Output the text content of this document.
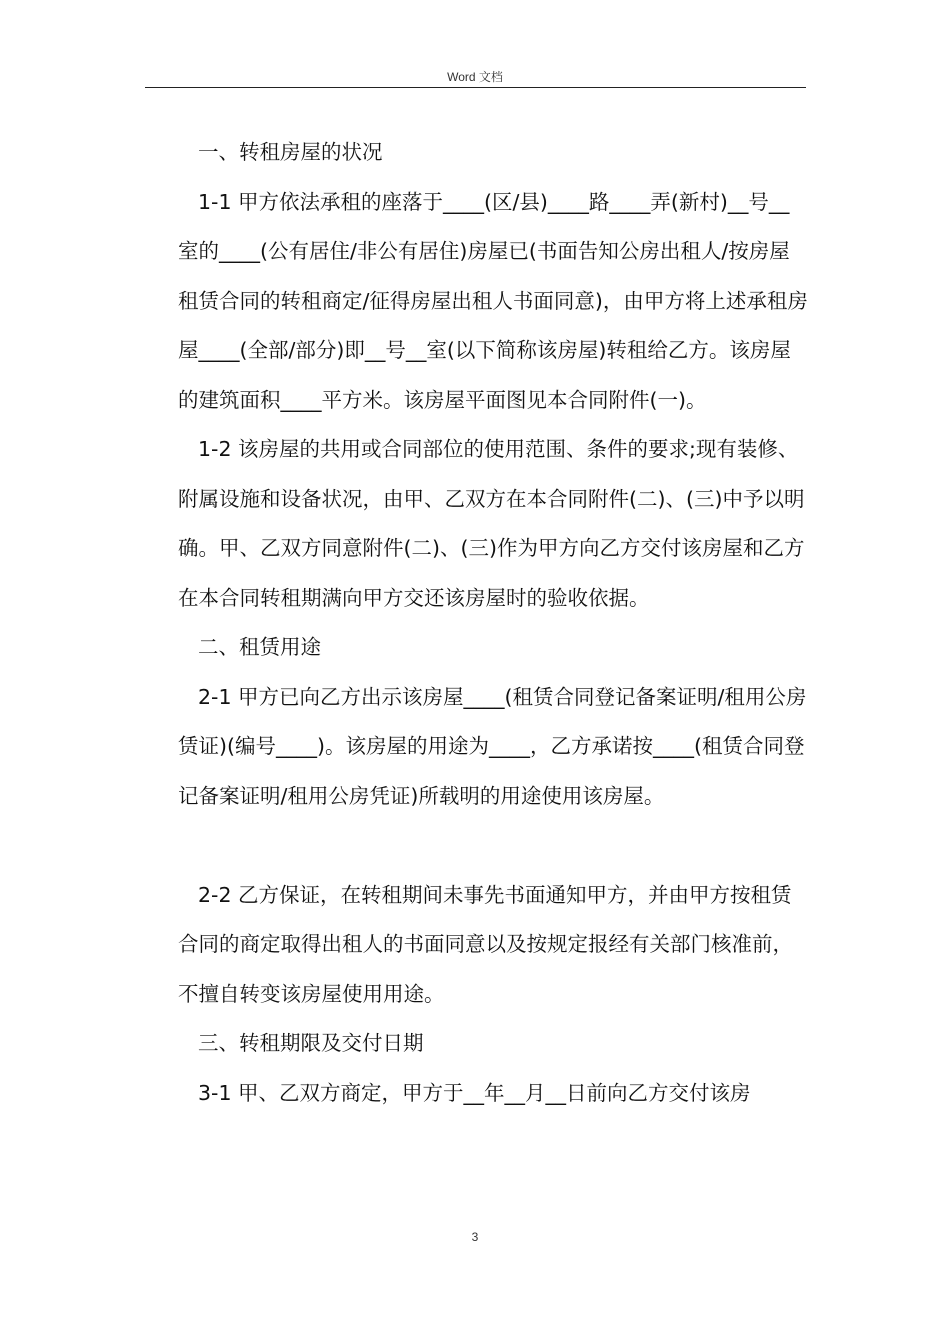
Word 文档

一、转租房屋的状况

1-1 甲方依法承租的座落于____(区/县)____路____弄(新村)__号__室的____(公有居住/非公有居住)房屋已(书面告知公房出租人/按房屋租赁合同的转租商定/征得房屋出租人书面同意)，由甲方将上述承租房屋____(全部/部分)即__号__室(以下简称该房屋)转租给乙方。该房屋的建筑面积____平方米。该房屋平面图见本合同附件(一)。

1-2 该房屋的共用或合同部位的使用范围、条件的要求;现有装修、附属设施和设备状况，由甲、乙双方在本合同附件(二)、(三)中予以明确。甲、乙双方同意附件(二)、(三)作为甲方向乙方交付该房屋和乙方在本合同转租期满向甲方交还该房屋时的验收依据。

二、租赁用途

2-1 甲方已向乙方出示该房屋____(租赁合同登记备案证明/租用公房赁证)(编号____)。该房屋的用途为____，乙方承诺按____(租赁合同登记备案证明/租用公房凭证)所载明的用途使用该房屋。

2-2 乙方保证，在转租期间未事先书面通知甲方，并由甲方按租赁合同的商定取得出租人的书面同意以及按规定报经有关部门核准前，不擅自转变该房屋使用用途。

三、转租期限及交付日期

3-1 甲、乙双方商定，甲方于__年__月__日前向乙方交付该房

3
